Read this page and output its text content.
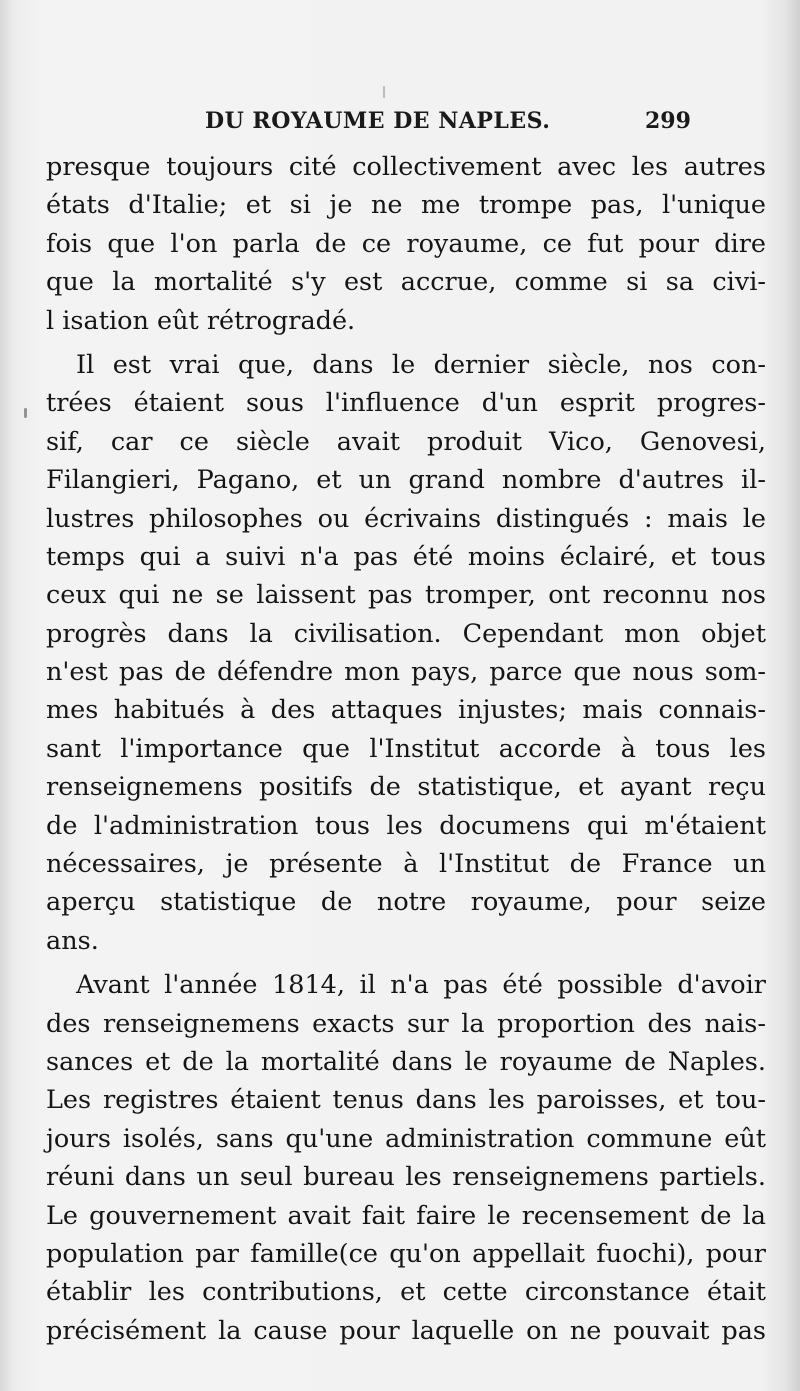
DU ROYAUME DE NAPLES.	299
presque toujours cité collectivement avec les autres
états d'Italie; et si je ne me trompe pas, l'unique
fois que l'on parla de ce royaume, ce fut pour dire
que la mortalité s'y est accrue, comme si sa civi-
l isation eût rétrogradé.
Il est vrai que, dans le dernier siècle, nos con-
trées étaient sous l'influence d'un esprit progres-
sif, car ce siècle avait produit Vico, Genovesi,
Filangieri, Pagano, et un grand nombre d'autres il-
lustres philosophes ou écrivains distingués : mais le
temps qui a suivi n'a pas été moins éclairé, et tous
ceux qui ne se laissent pas tromper, ont reconnu nos
progrès dans la civilisation. Cependant mon objet
n'est pas de défendre mon pays, parce que nous som-
mes habitués à des attaques injustes; mais connais-
sant l'importance que l'Institut accorde à tous les
renseignemens positifs de statistique, et ayant reçu
de l'administration tous les documens qui m'étaient
nécessaires, je présente à l'Institut de France un
aperçu statistique de notre royaume, pour seize
ans.
Avant l'année 1814, il n'a pas été possible d'avoir
des renseignemens exacts sur la proportion des nais-
sances et de la mortalité dans le royaume de Naples.
Les registres étaient tenus dans les paroisses, et tou-
jours isolés, sans qu'une administration commune eût
réuni dans un seul bureau les renseignemens partiels.
Le gouvernement avait fait faire le recensement de la
population par famille(ce qu'on appellait fuochi), pour
établir les contributions, et cette circonstance était
précisément la cause pour laquelle on ne pouvait pas
